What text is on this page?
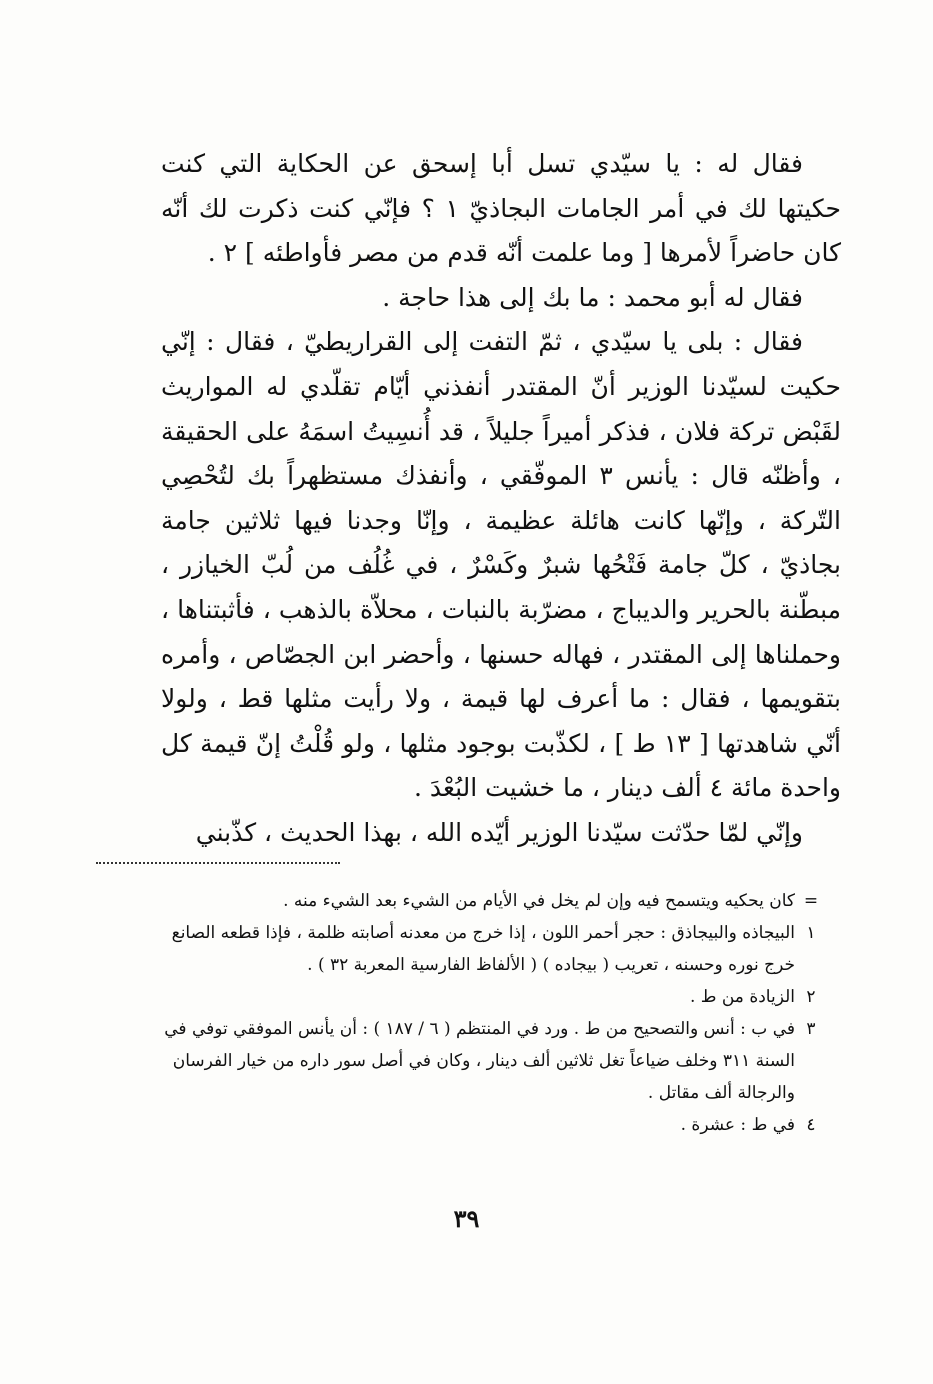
فقال له : يا سيّدي تسل أبا إسحق عن الحكاية التي كنت حكيتها لك في أمر الجامات البجاذيّ ١ ؟ فإنّي كنت ذكرت لك أنّه كان حاضراً لأمرها [ وما علمت أنّه قدم من مصر فأواطئه ] ٢ .

فقال له أبو محمد : ما بك إلى هذا حاجة .

فقال : بلى يا سيّدي ، ثمّ التفت إلى القراريطيّ ، فقال : إنّي حكيت لسيّدنا الوزير أنّ المقتدر أنفذني أيّام تقلّدي له المواريث لقَبْض تركة فلان ، فذكر أميراً جليلاً ، قد أُنسِيتُ اسمَهُ على الحقيقة ، وأظنّه قال : يأنس ٣ الموفّقي ، وأنفذك مستظهراً بك لتُحْصِي التّركة ، وإنّها كانت هائلة عظيمة ، وإنّا وجدنا فيها ثلاثين جامة بجاذيّ ، كلّ جامة فَتْحُها شبرٌ وكَسْرٌ ، في غُلُف من لُبّ الخيازر ، مبطّنة بالحرير والديباج ، مضرّبة بالنبات ، محلاّة بالذهب ، فأثبتناها ، وحملناها إلى المقتدر ، فهاله حسنها ، وأحضر ابن الجصّاص ، وأمره بتقويمها ، فقال : ما أعرف لها قيمة ، ولا رأيت مثلها قط ، ولولا أنّي شاهدتها [ ١٣ ط ] ، لكذّبت بوجود مثلها ، ولو قُلْتُ إنّ قيمة كل واحدة مائة ٤ ألف دينار ، ما خشيت البُعْدَ .

وإنّي لمّا حدّثت سيّدنا الوزير أيّده الله ، بهذا الحديث ، كذّبني

=
كان يحكيه ويتسمح فيه وإن لم يخل في الأيام من الشيء بعد الشيء منه .
١
البيجاذه والبيجاذق : حجر أحمر اللون ، إذا خرج من معدنه أصابته ظلمة ، فإذا قطعه الصانع خرج نوره وحسنه ، تعريب ( بيجاده ) ( الألفاظ الفارسية المعربة ٣٢ ) .
٢
الزيادة من ط .
٣
في ب : أنس والتصحيح من ط . ورد في المنتظم ( ٦ / ١٨٧ ) : أن يأنس الموفقي توفي في السنة ٣١١ وخلف ضياعاً تغل ثلاثين ألف دينار ، وكان في أصل سور داره من خيار الفرسان والرجالة ألف مقاتل .
٤
في ط : عشرة .
٣٩
